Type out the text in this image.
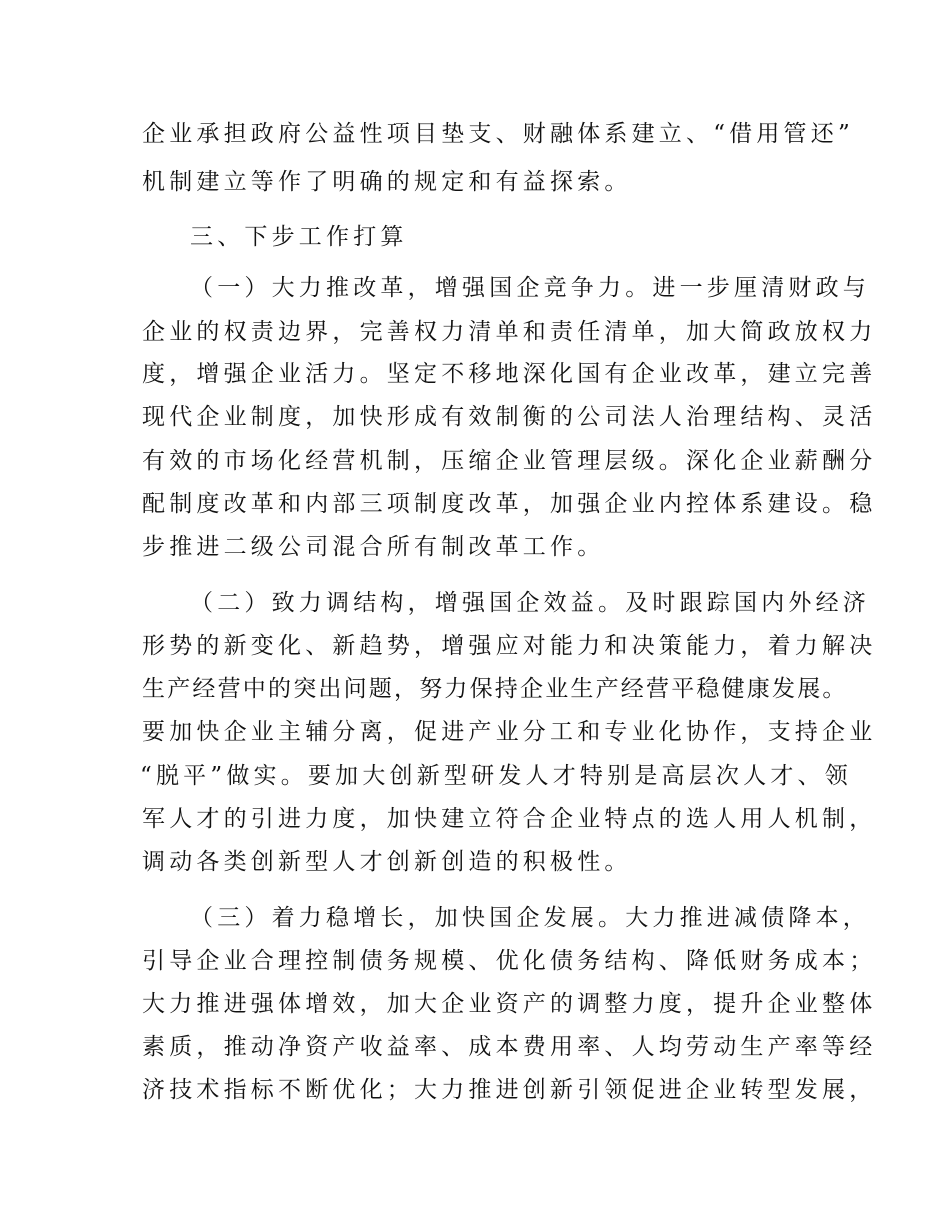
企业承担政府公益性项目垫支、财融体系建立、“借用管还”

机制建立等作了明确的规定和有益探索。

三、下步工作打算

（一）大力推改革，增强国企竞争力。进一步厘清财政与

企业的权责边界，完善权力清单和责任清单，加大简政放权力

度，增强企业活力。坚定不移地深化国有企业改革，建立完善

现代企业制度，加快形成有效制衡的公司法人治理结构、灵活

有效的市场化经营机制，压缩企业管理层级。深化企业薪酬分

配制度改革和内部三项制度改革，加强企业内控体系建设。稳

步推进二级公司混合所有制改革工作。

（二）致力调结构，增强国企效益。及时跟踪国内外经济

形势的新变化、新趋势，增强应对能力和决策能力，着力解决

生产经营中的突出问题，努力保持企业生产经营平稳健康发展。

要加快企业主辅分离，促进产业分工和专业化协作，支持企业

“脱平”做实。要加大创新型研发人才特别是高层次人才、领

军人才的引进力度，加快建立符合企业特点的选人用人机制，

调动各类创新型人才创新创造的积极性。

（三）着力稳增长，加快国企发展。大力推进减债降本，

引导企业合理控制债务规模、优化债务结构、降低财务成本；

大力推进强体增效，加大企业资产的调整力度，提升企业整体

素质，推动净资产收益率、成本费用率、人均劳动生产率等经

济技术指标不断优化；大力推进创新引领促进企业转型发展，
